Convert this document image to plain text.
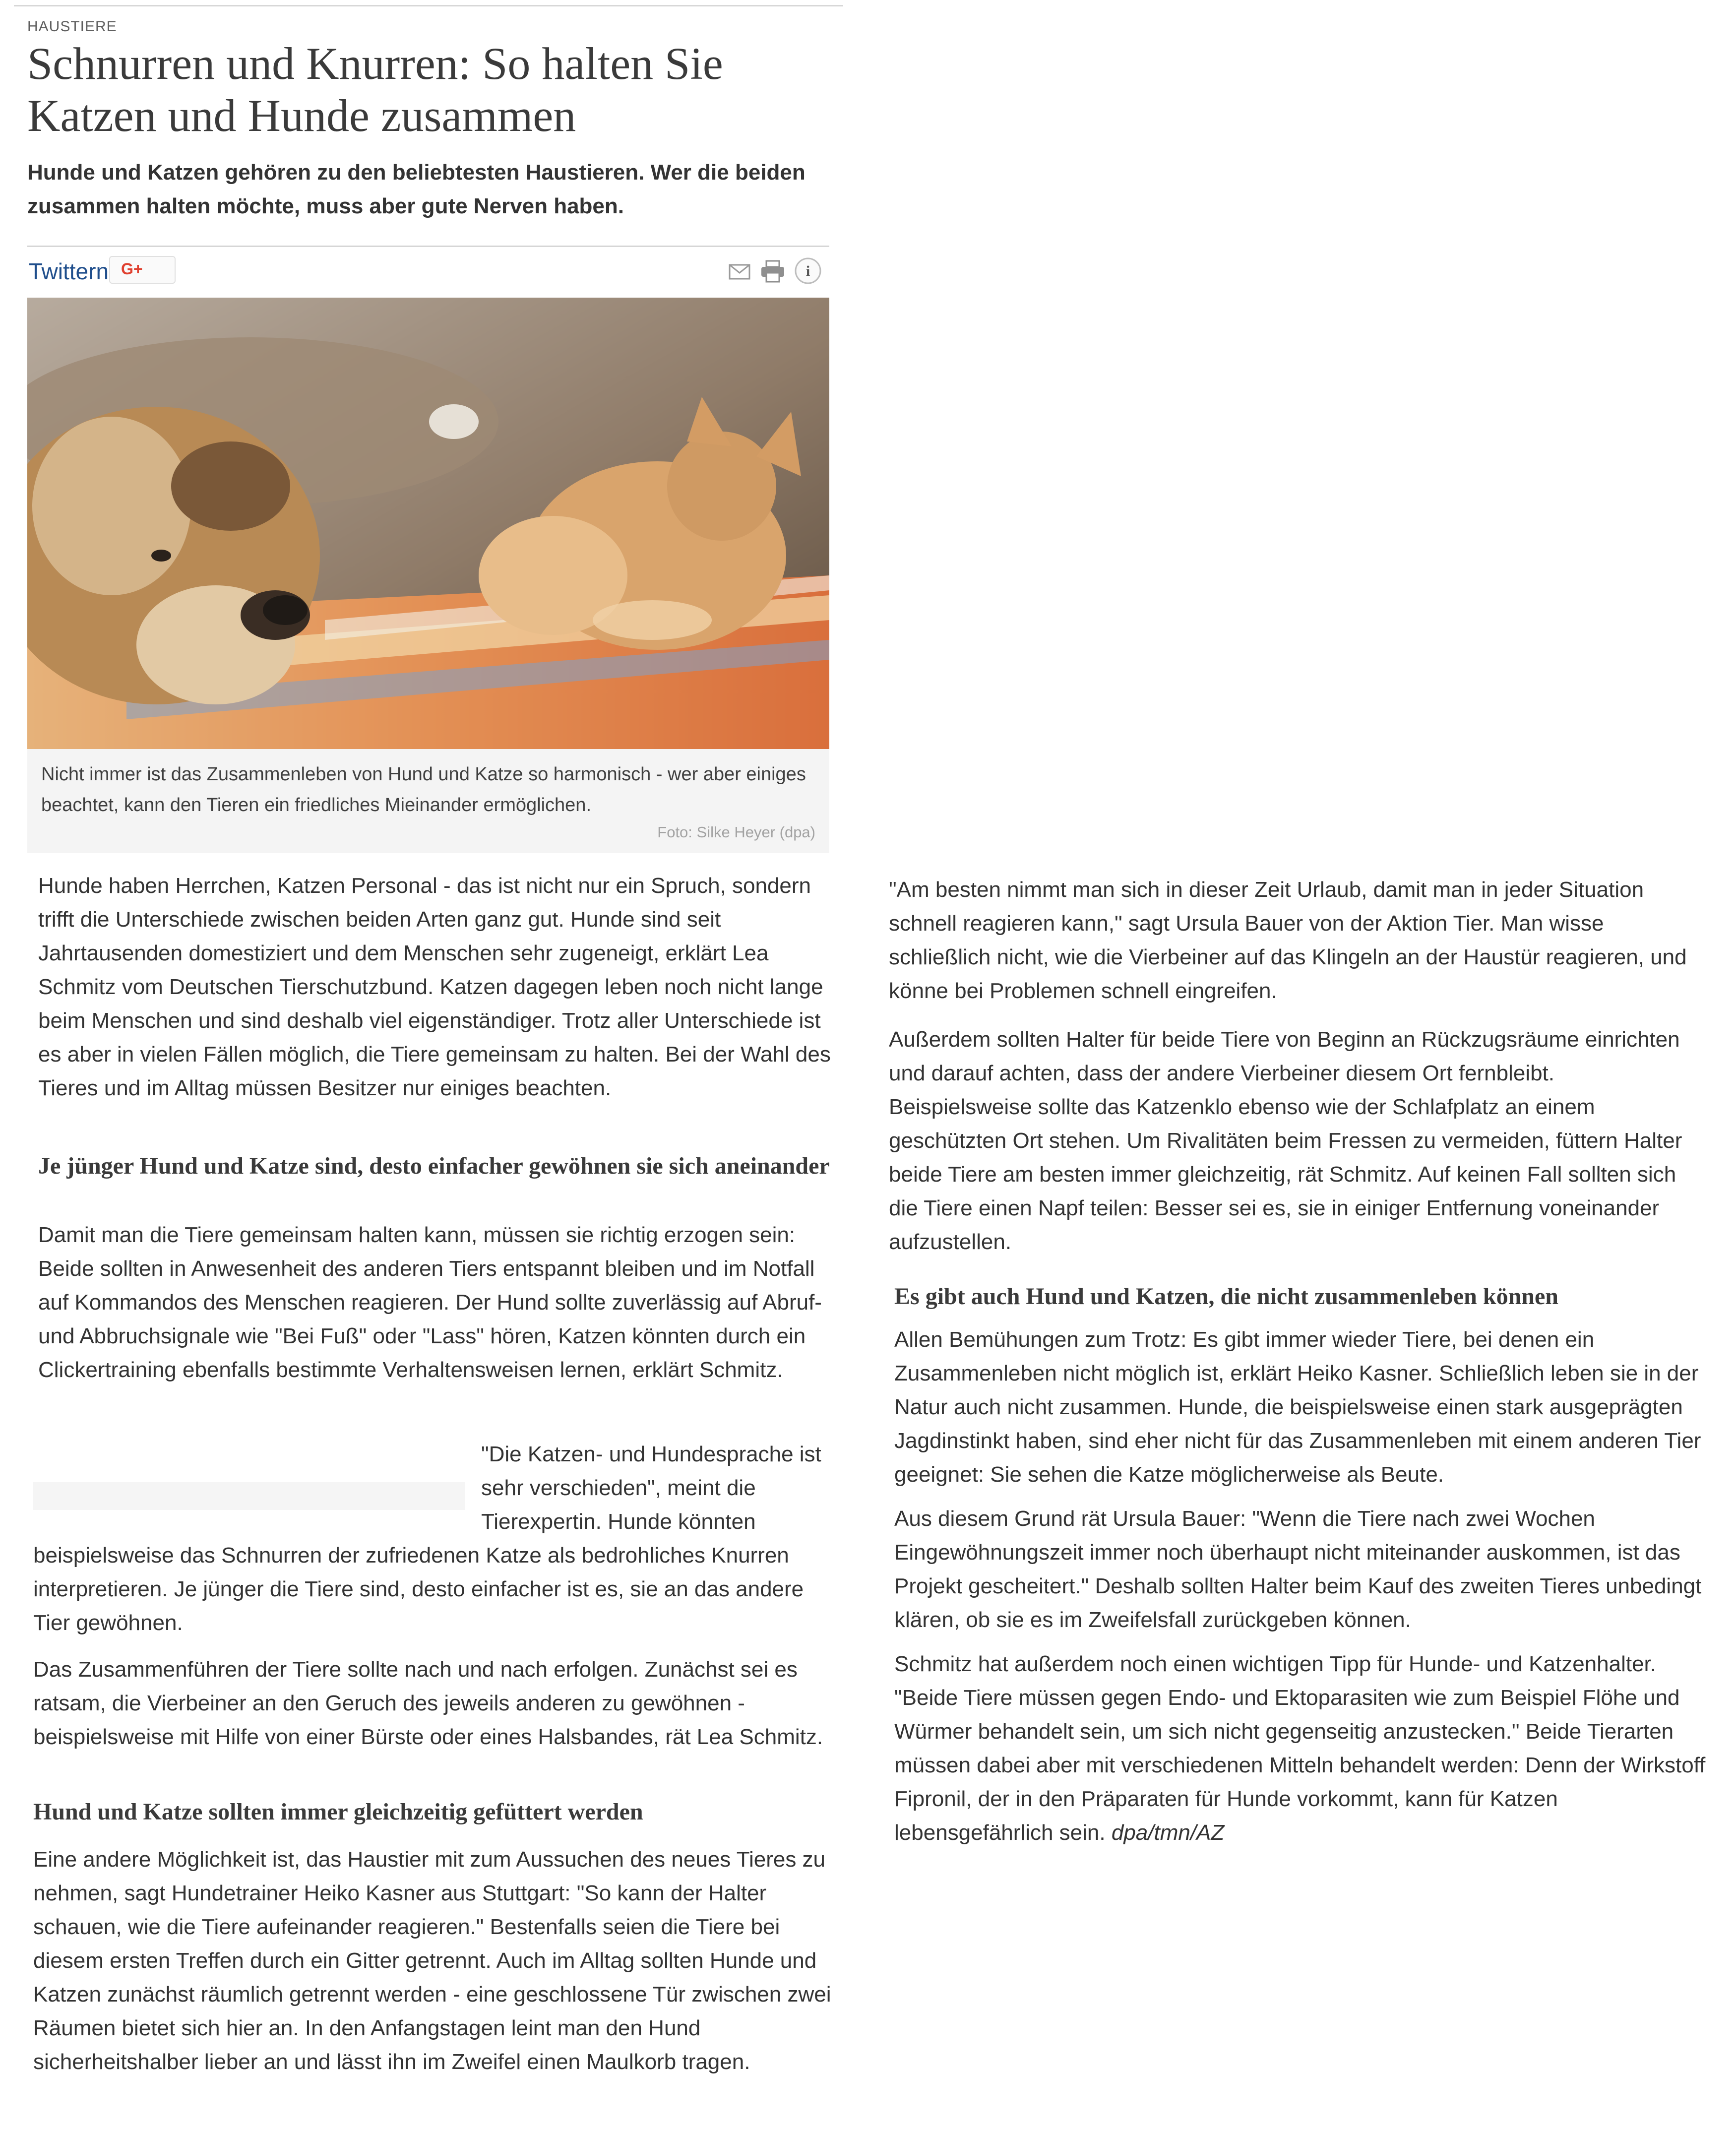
HAUSTIERE
Schnurren und Knurren: So halten Sie Katzen und Hunde zusammen

Hunde und Katzen gehören zu den beliebtesten Haustieren. Wer die beiden zusammen halten möchte, muss aber gute Nerven haben.

Twittern G+	i

Nicht immer ist das Zusammenleben von Hund und Katze so harmonisch - wer aber einiges beachtet, kann den Tieren ein friedliches Mieinander ermöglichen.

Foto: Silke Heyer (dpa)

Hunde haben Herrchen, Katzen Personal - das ist nicht nur ein Spruch, sondern trifft die Unterschiede zwischen beiden Arten ganz gut. Hunde sind seit Jahrtausenden domestiziert und dem Menschen sehr zugeneigt, erklärt Lea Schmitz vom Deutschen Tierschutzbund. Katzen dagegen leben noch nicht lange beim Menschen und sind deshalb viel eigenständiger. Trotz aller Unterschiede ist es aber in vielen Fällen möglich, die Tiere gemeinsam zu halten. Bei der Wahl des Tieres und im Alltag müssen Besitzer nur einiges beachten.

Je jünger Hund und Katze sind, desto einfacher gewöhnen sie sich aneinander

Damit man die Tiere gemeinsam halten kann, müssen sie richtig erzogen sein: Beide sollten in Anwesenheit des anderen Tiers entspannt bleiben und im Notfall auf Kommandos des Menschen reagieren. Der Hund sollte zuverlässig auf Abruf- und Abbruchsignale wie "Bei Fuß" oder "Lass" hören, Katzen könnten durch ein Clickertraining ebenfalls bestimmte Verhaltensweisen lernen, erklärt Schmitz.

"Die Katzen- und Hundesprache ist sehr verschieden", meint die Tierexpertin. Hunde könnten

beispielsweise das Schnurren der zufriedenen Katze als bedrohliches Knurren interpretieren. Je jünger die Tiere sind, desto einfacher ist es, sie an das andere Tier gewöhnen.

Das Zusammenführen der Tiere sollte nach und nach erfolgen. Zunächst sei es ratsam, die Vierbeiner an den Geruch des jeweils anderen zu gewöhnen - beispielsweise mit Hilfe von einer Bürste oder eines Halsbandes, rät Lea Schmitz.

Hund und Katze sollten immer gleichzeitig gefüttert werden

Eine andere Möglichkeit ist, das Haustier mit zum Aussuchen des neues Tieres zu nehmen, sagt Hundetrainer Heiko Kasner aus Stuttgart: "So kann der Halter schauen, wie die Tiere aufeinander reagieren." Bestenfalls seien die Tiere bei diesem ersten Treffen durch ein Gitter getrennt. Auch im Alltag sollten Hunde und Katzen zunächst räumlich getrennt werden - eine geschlossene Tür zwischen zwei Räumen bietet sich hier an. In den Anfangstagen leint man den Hund sicherheitshalber lieber an und lässt ihn im Zweifel einen Maulkorb tragen.

"Am besten nimmt man sich in dieser Zeit Urlaub, damit man in jeder Situation schnell reagieren kann," sagt Ursula Bauer von der Aktion Tier. Man wisse schließlich nicht, wie die Vierbeiner auf das Klingeln an der Haustür reagieren, und könne bei Problemen schnell eingreifen.

Außerdem sollten Halter für beide Tiere von Beginn an Rückzugsräume einrichten und darauf achten, dass der andere Vierbeiner diesem Ort fernbleibt. Beispielsweise sollte das Katzenklo ebenso wie der Schlafplatz an einem geschützten Ort stehen. Um Rivalitäten beim Fressen zu vermeiden, füttern Halter beide Tiere am besten immer gleichzeitig, rät Schmitz. Auf keinen Fall sollten sich die Tiere einen Napf teilen: Besser sei es, sie in einiger Entfernung voneinander aufzustellen.

Es gibt auch Hund und Katzen, die nicht zusammenleben können

Allen Bemühungen zum Trotz: Es gibt immer wieder Tiere, bei denen ein Zusammenleben nicht möglich ist, erklärt Heiko Kasner. Schließlich leben sie in der Natur auch nicht zusammen. Hunde, die beispielsweise einen stark ausgeprägten Jagdinstinkt haben, sind eher nicht für das Zusammenleben mit einem anderen Tier geeignet: Sie sehen die Katze möglicherweise als Beute.

Aus diesem Grund rät Ursula Bauer: "Wenn die Tiere nach zwei Wochen Eingewöhnungszeit immer noch überhaupt nicht miteinander auskommen, ist das Projekt gescheitert." Deshalb sollten Halter beim Kauf des zweiten Tieres unbedingt klären, ob sie es im Zweifelsfall zurückgeben können.

Schmitz hat außerdem noch einen wichtigen Tipp für Hunde- und Katzenhalter. "Beide Tiere müssen gegen Endo- und Ektoparasiten wie zum Beispiel Flöhe und Würmer behandelt sein, um sich nicht gegenseitig anzustecken." Beide Tierarten müssen dabei aber mit verschiedenen Mitteln behandelt werden: Denn der Wirkstoff Fipronil, der in den Präparaten für Hunde vorkommt, kann für Katzen lebensgefährlich sein. dpa/tmn/AZ
